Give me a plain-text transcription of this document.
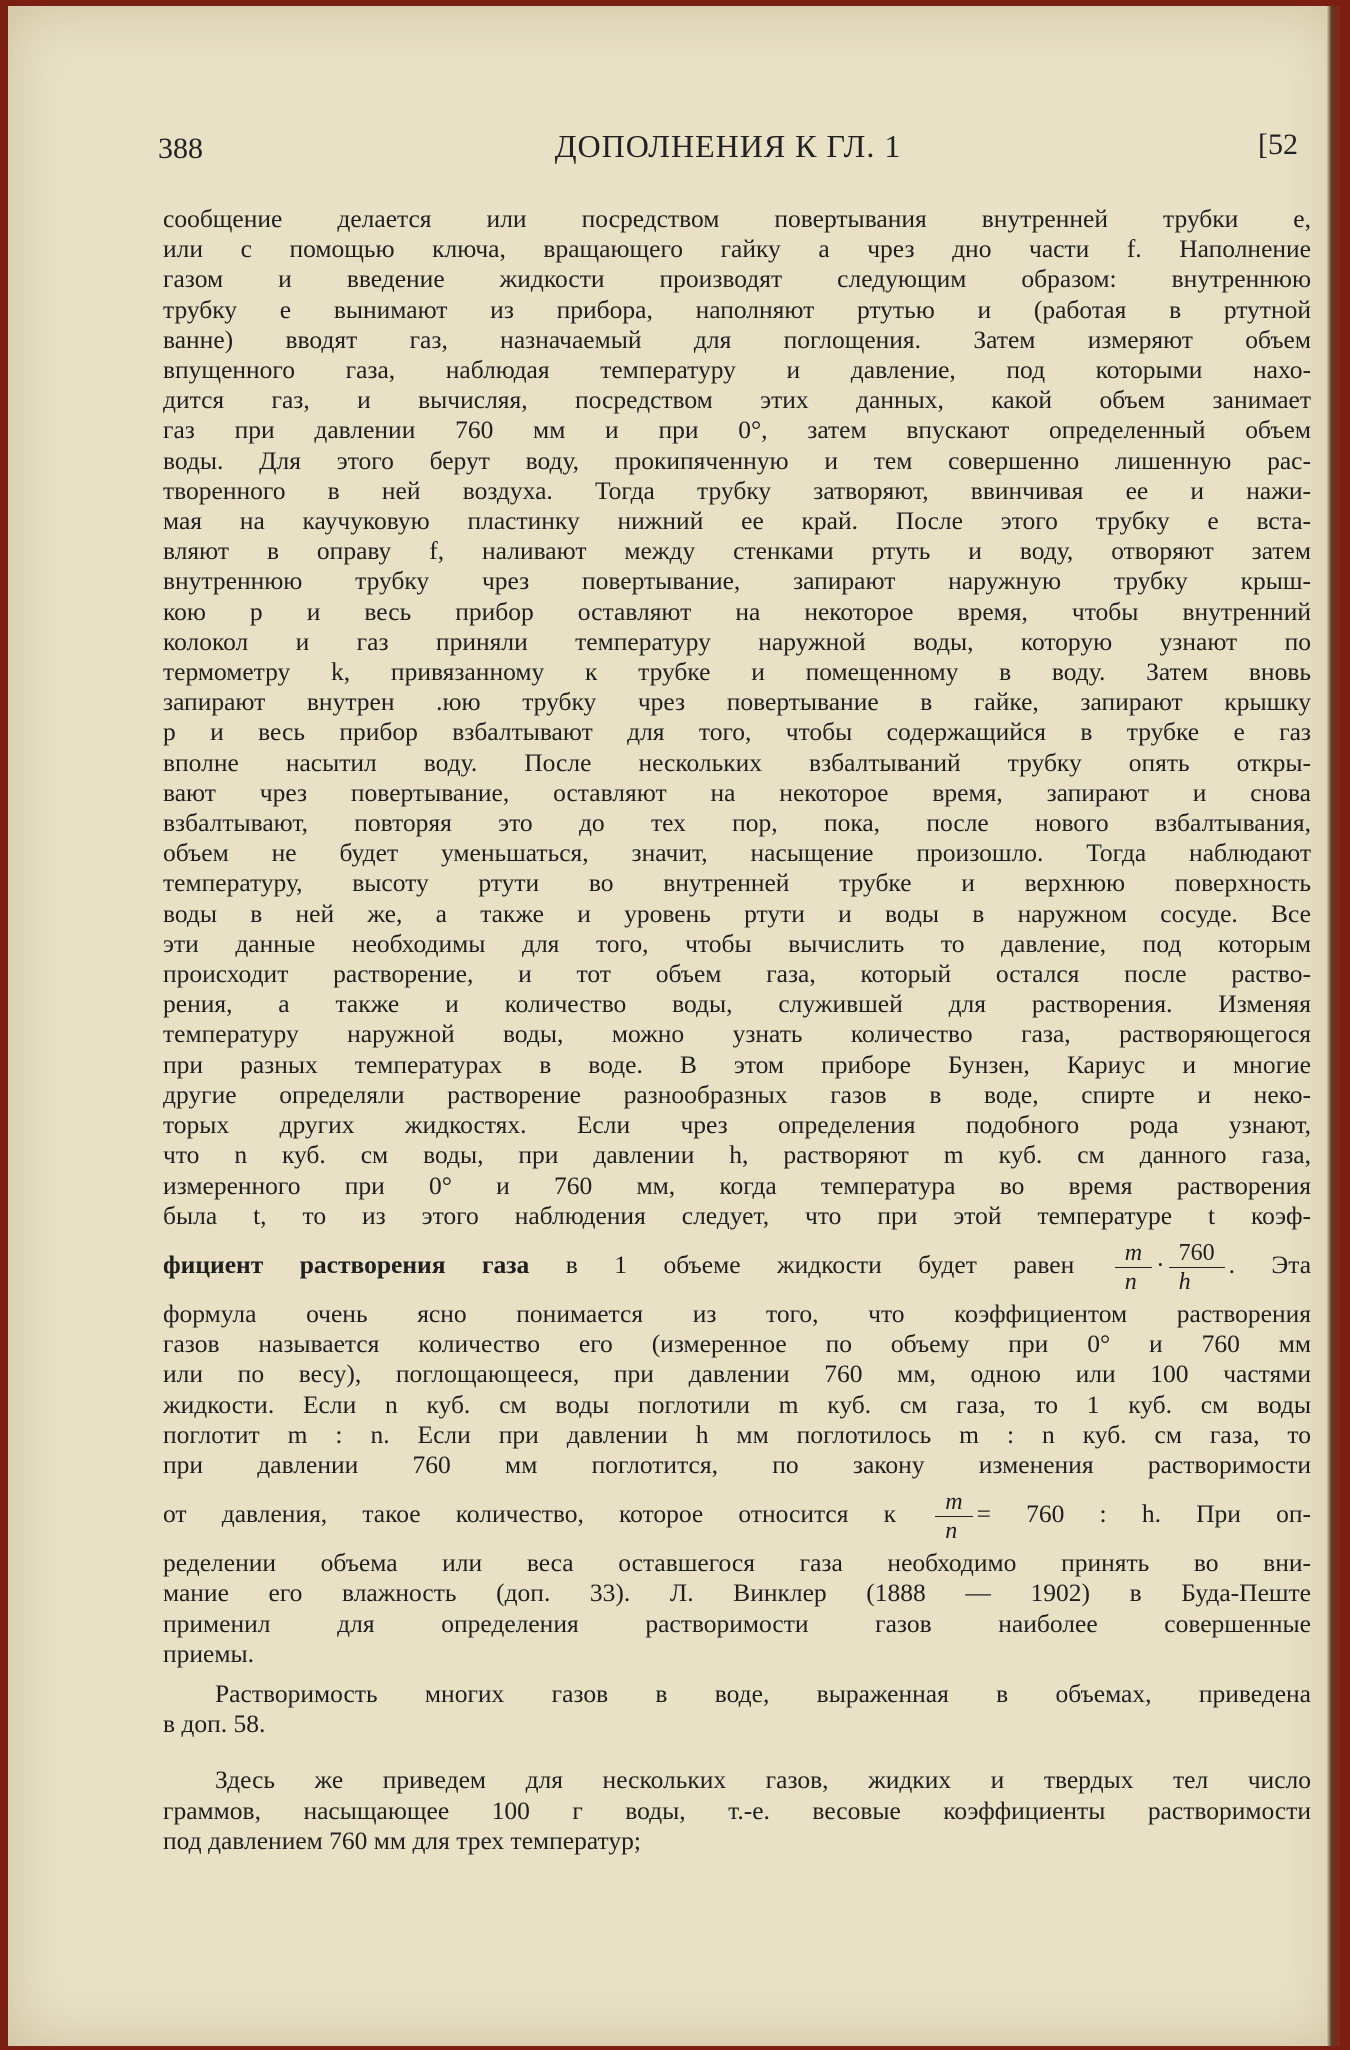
388	ДОПОЛНЕНИЯ К ГЛ. 1	[52
сообщение делается или посредством повертывания внутренней трубки e,
или с помощью ключа, вращающего гайку a чрез дно части f. Наполнение
газом и введение жидкости производят следующим образом: внутреннюю
трубку e вынимают из прибора, наполняют ртутью и (работая в ртутной
ванне) вводят газ, назначаемый для поглощения. Затем измеряют объем
впущенного газа, наблюдая температуру и давление, под которыми нахо-
дится газ, и вычисляя, посредством этих данных, какой объем занимает
газ при давлении 760 мм и при 0°, затем впускают определенный объем
воды. Для этого берут воду, прокипяченную и тем совершенно лишенную рас-
творенного в ней воздуха. Тогда трубку затворяют, ввинчивая ее и нажи-
мая на каучуковую пластинку нижний ее край. После этого трубку e вста-
вляют в оправу f, наливают между стенками ртуть и воду, отворяют затем
внутреннюю трубку чрез повертывание, запирают наружную трубку крыш-
кою p и весь прибор оставляют на некоторое время, чтобы внутренний
колокол и газ приняли температуру наружной воды, которую узнают по
термометру k, привязанному к трубке и помещенному в воду. Затем вновь
запирают внутрен .юю трубку чрез повертывание в гайке, запирают крышку
p и весь прибор взбалтывают для того, чтобы содержащийся в трубке e газ
вполне насытил воду. После нескольких взбалтываний трубку опять откры-
вают чрез повертывание, оставляют на некоторое время, запирают и снова
взбалтывают, повторяя это до тех пор, пока, после нового взбалтывания,
объем не будет уменьшаться, значит, насыщение произошло. Тогда наблюдают
температуру, высоту ртути во внутренней трубке и верхнюю поверхность
воды в ней же, а также и уровень ртути и воды в наружном сосуде. Все
эти данные необходимы для того, чтобы вычислить то давление, под которым
происходит растворение, и тот объем газа, который остался после раство-
рения, а также и количество воды, служившей для растворения. Изменяя
температуру наружной воды, можно узнать количество газа, растворяющегося
при разных температурах в воде. В этом приборе Бунзен, Кариус и многие
другие определяли растворение разнообразных газов в воде, спирте и неко-
торых других жидкостях. Если чрез определения подобного рода узнают,
что n куб. см воды, при давлении h, растворяют m куб. см данного газа,
измеренного при 0° и 760 мм, когда температура во время растворения
была t, то из этого наблюдения следует, что при этой температуре t коэф-
фициент растворения газа в 1 объеме жидкости будет равен $\frac{m}{n} \cdot \frac{760}{h}$ . Эта
формула очень ясно понимается из того, что коэффициентом растворения
газов называется количество его (измеренное по объему при 0° и 760 мм
или по весу), поглощающееся, при давлении 760 мм, одною или 100 частями
жидкости. Если n куб. см воды поглотили m куб. см газа, то 1 куб. см воды
поглотит m : n. Если при давлении h мм поглотилось m : n куб. см газа, то
при давлении 760 мм поглотится, по закону изменения растворимости
от давления, такое количество, которое относится к $\frac{m}{n} = 760$ : h. При оп-
ределении объема или веса оставшегося газа необходимо принять во вни-
мание его влажность (доп. 33). Л. Винклер (1888 — 1902) в Буда-Пеште
применил для определения растворимости газов наиболее совершенные
приемы.
Растворимость многих газов в воде, выраженная в объемах, приведена
в доп. 58.
Здесь же приведем для нескольких газов, жидких и твердых тел число
граммов, насыщающее 100 г воды, т.-е. весовые коэффициенты растворимости
под давлением 760 мм для трех температур;
